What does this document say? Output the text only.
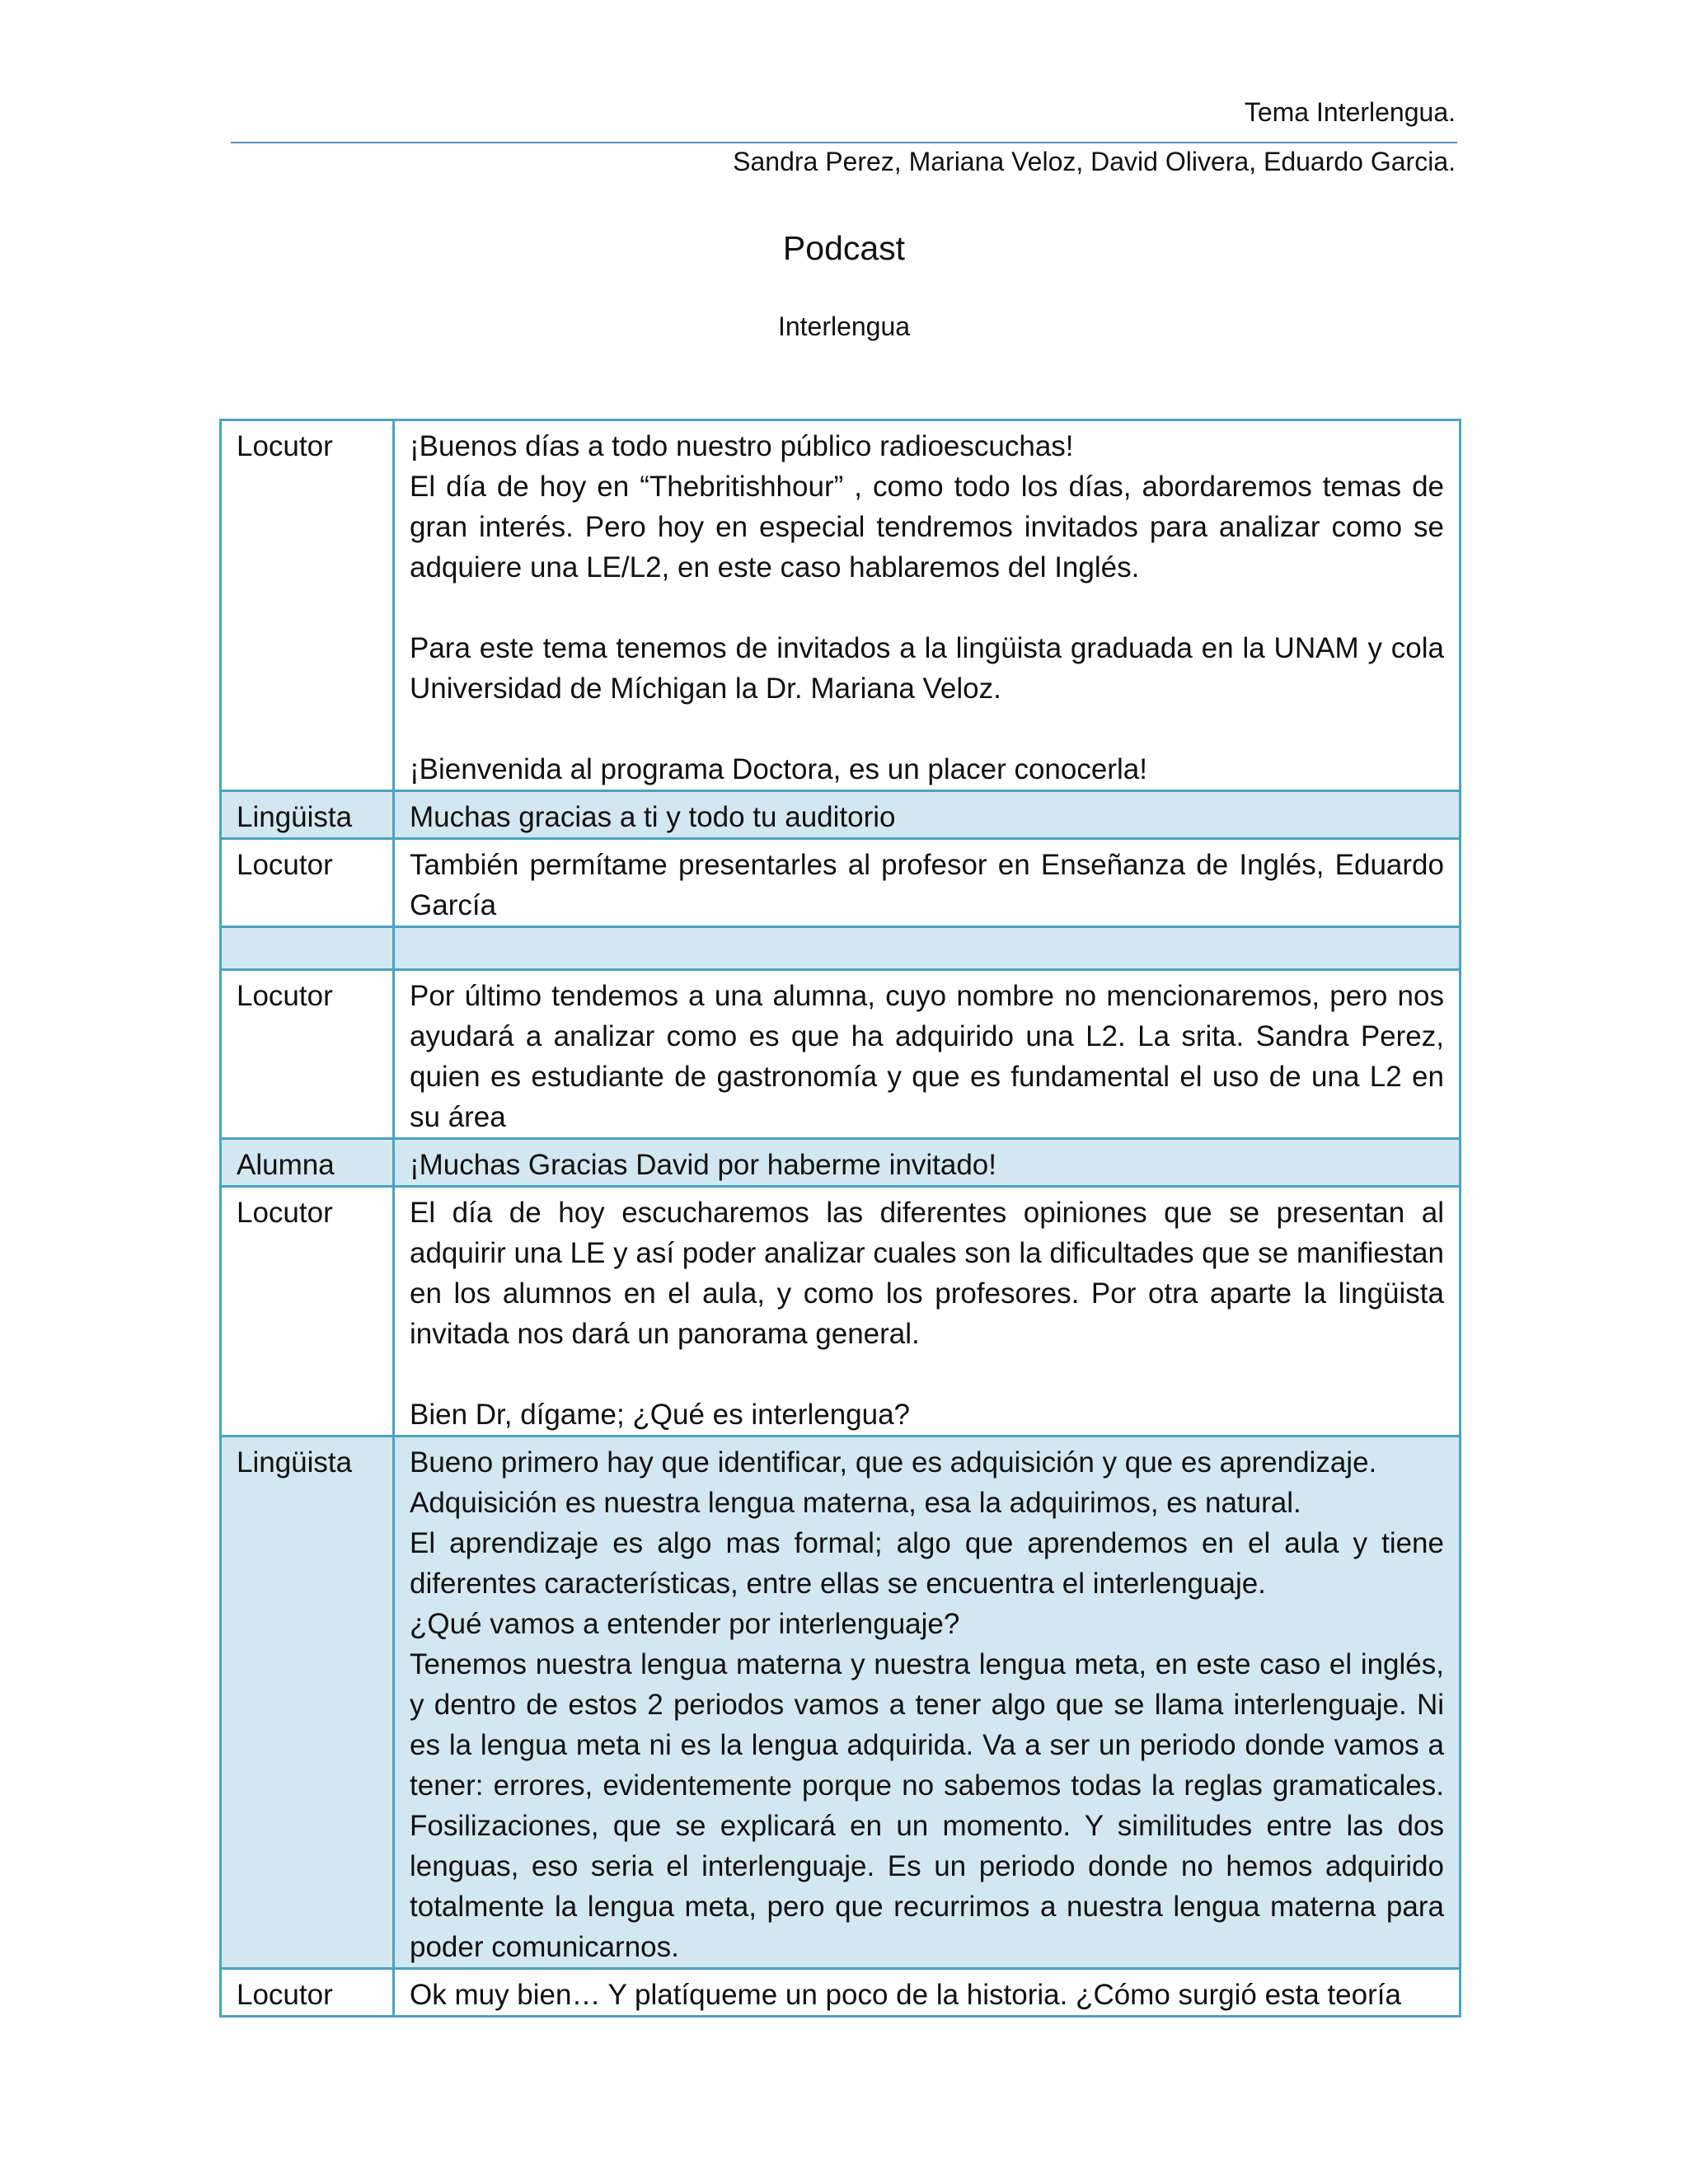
Tema Interlengua.
Sandra Perez, Mariana Veloz, David Olivera, Eduardo Garcia.
Podcast
Interlengua
Locutor	¡Buenos días a todo nuestro público radioescuchas!
El día de hoy en “Thebritishhour” , como todo los días, abordaremos temas de gran interés. Pero hoy en especial tendremos invitados para analizar como se adquiere una LE/L2, en este caso hablaremos del Inglés.
Para este tema tenemos de invitados a la lingüista graduada en la UNAM y cola Universidad de Míchigan la Dr. Mariana Veloz.
¡Bienvenida al programa Doctora, es un placer conocerla!

Lingüista	Muchas gracias a ti y todo tu auditorio
Locutor	También permítame presentarles al profesor en Enseñanza de Inglés, Eduardo García

Locutor	Por último tendemos a una alumna, cuyo nombre no mencionaremos, pero nos ayudará a analizar como es que ha adquirido una L2. La srita. Sandra Perez, quien es estudiante de gastronomía y que es fundamental el uso de una L2 en su área
Alumna	¡Muchas Gracias David por haberme invitado!
Locutor	El día de hoy escucharemos las diferentes opiniones que se presentan al adquirir una LE y así poder analizar cuales son la dificultades que se manifiestan en los alumnos en el aula, y como los profesores. Por otra aparte la lingüista invitada nos dará un panorama general.
Bien Dr, dígame; ¿Qué es interlengua?

Lingüista	Bueno primero hay que identificar, que es adquisición y que es aprendizaje.
Adquisición es nuestra lengua materna, esa la adquirimos, es natural.
El aprendizaje es algo mas formal; algo que aprendemos en el aula y tiene diferentes características, entre ellas se encuentra el interlenguaje.
¿Qué vamos a entender por interlenguaje?
Tenemos nuestra lengua materna y nuestra lengua meta, en este caso el inglés, y dentro de estos 2 periodos vamos a tener algo que se llama interlenguaje. Ni es la lengua meta ni es la lengua adquirida. Va a ser un periodo donde vamos a tener: errores, evidentemente porque no sabemos todas la reglas gramaticales. Fosilizaciones, que se explicará en un momento. Y similitudes entre las dos lenguas, eso seria el interlenguaje. Es un periodo donde no hemos adquirido totalmente la lengua meta, pero que recurrimos a nuestra lengua materna para poder comunicarnos.

Locutor	Ok muy bien… Y platíqueme un poco de la historia. ¿Cómo surgió esta teoría
